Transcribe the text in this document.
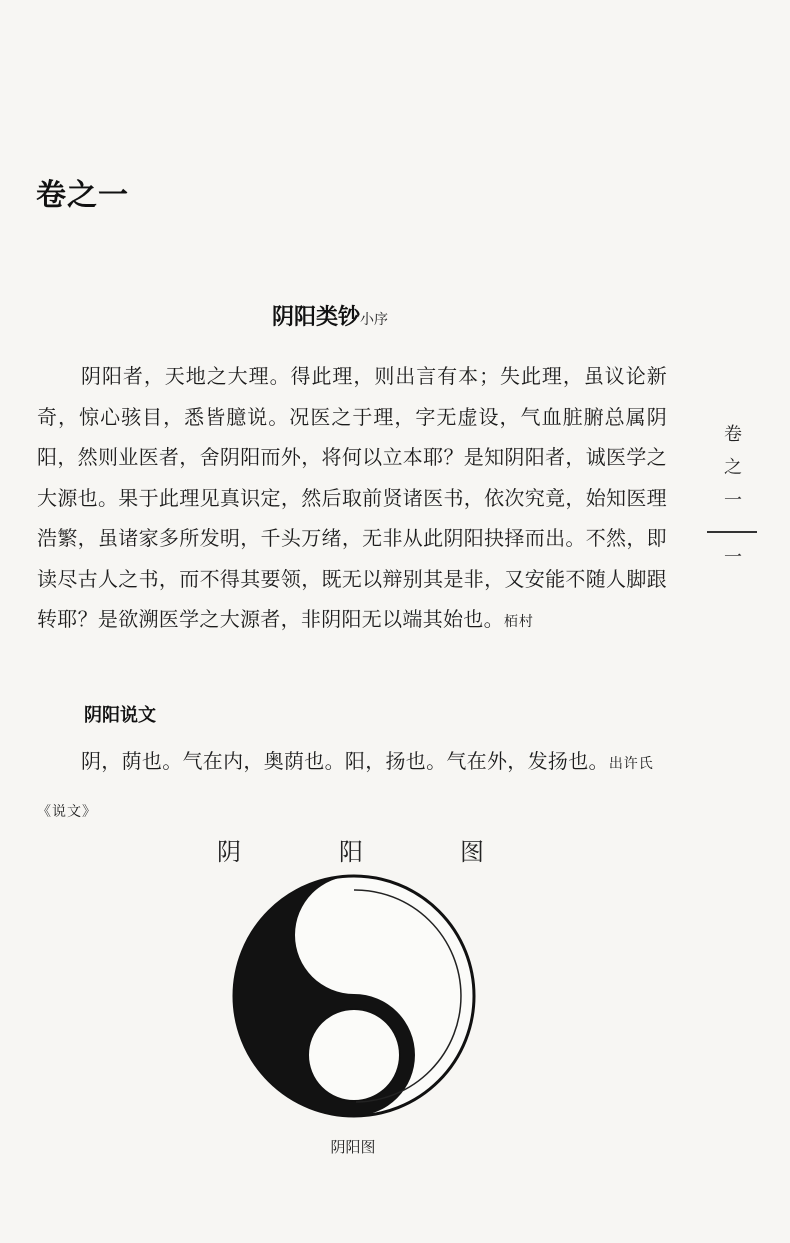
卷之一
阴阳类钞小序

阴阳者，天地之大理。得此理，则出言有本；失此理，虽议论新奇，惊心骇目，悉皆臆说。况医之于理，字无虚设，气血脏腑总属阴阳，然则业医者，舍阴阳而外，将何以立本耶？是知阴阳者，诚医学之大源也。果于此理见真识定，然后取前贤诸医书，依次究竟，始知医理浩繁，虽诸家多所发明，千头万绪，无非从此阴阳抉择而出。不然，即读尽古人之书，而不得其要领，既无以辩别其是非，又安能不随人脚跟转耶？是欲溯医学之大源者，非阴阳无以端其始也。栢村

阴阳说文

阴，荫也。气在内，奥荫也。阳，扬也。气在外，发扬也。出许氏《说文》

阴	阳	图
阴阳图
卷
之
一
一
